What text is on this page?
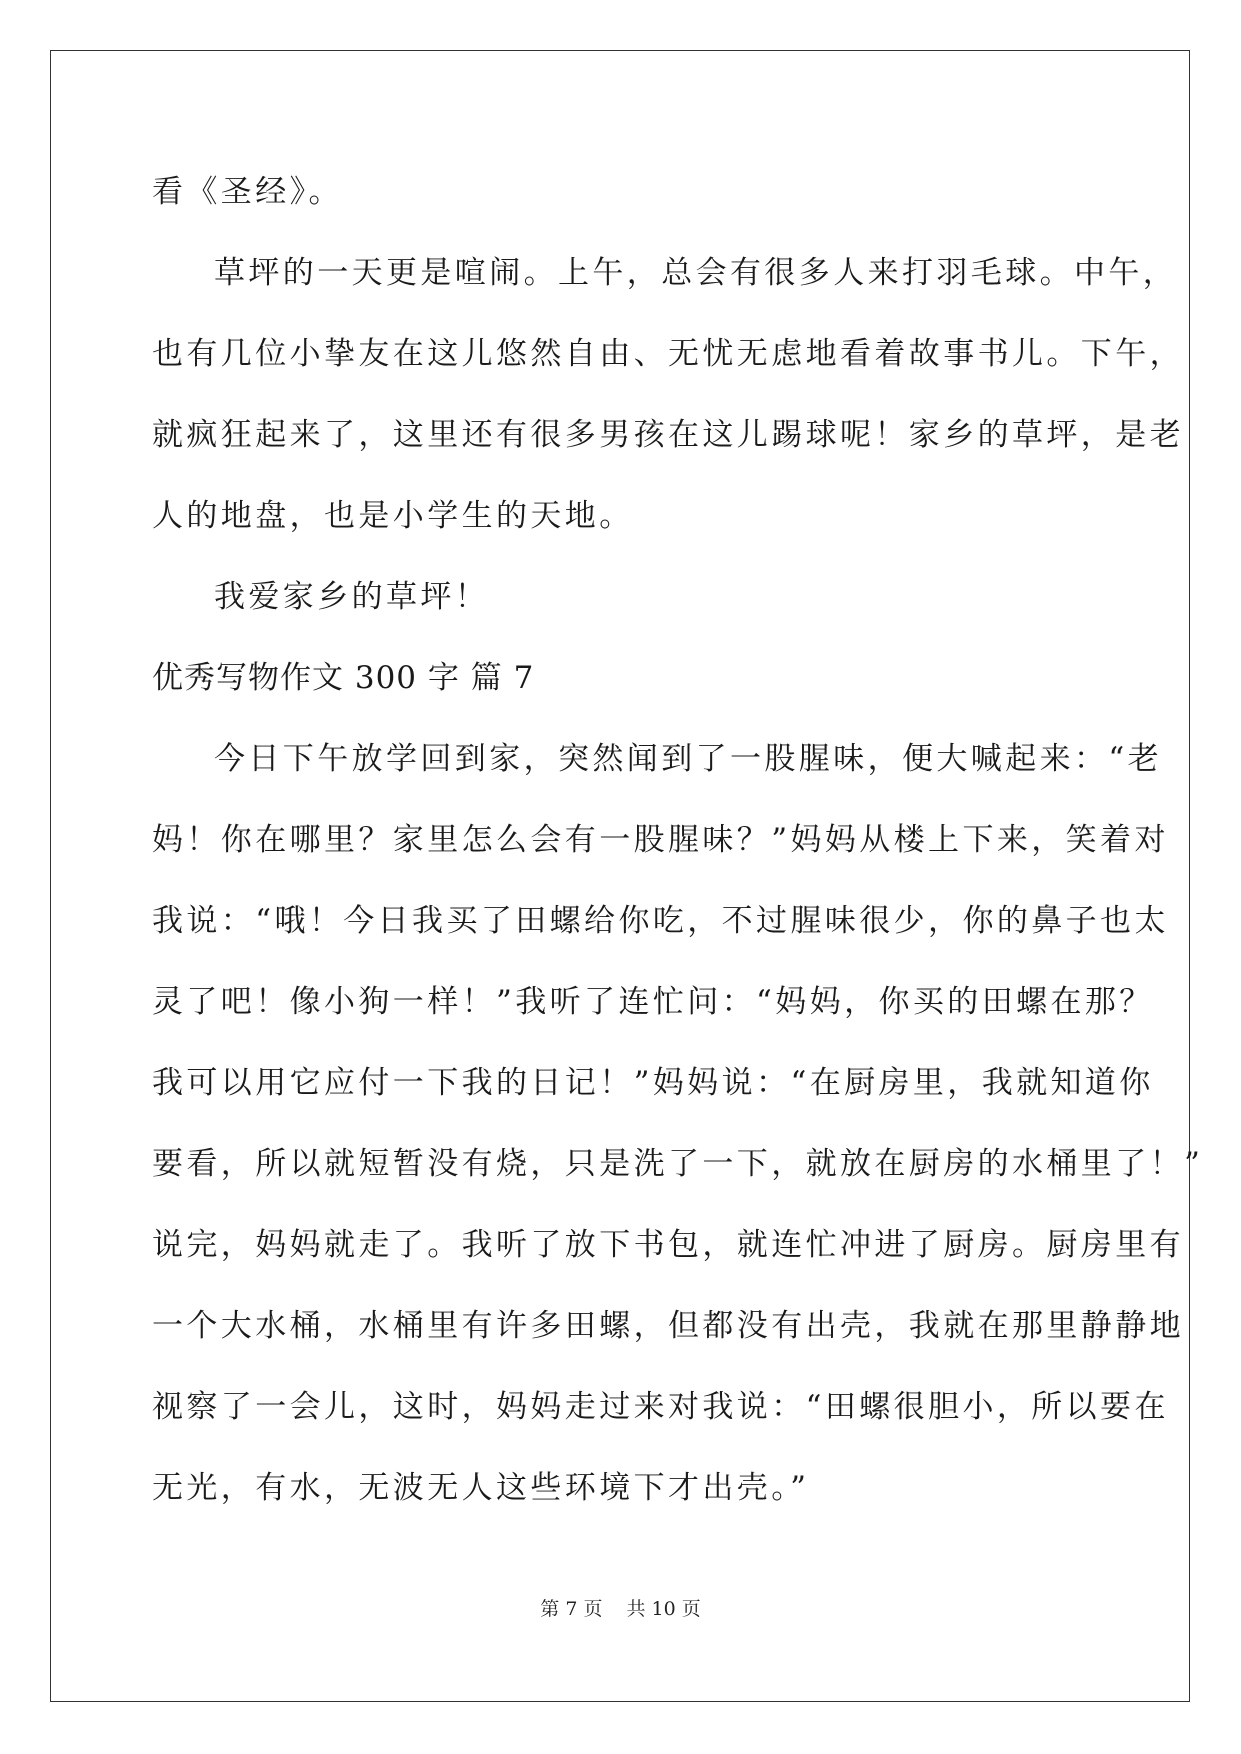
看《圣经》。
草坪的一天更是喧闹。上午，总会有很多人来打羽毛球。中午，
也有几位小挚友在这儿悠然自由、无忧无虑地看着故事书儿。下午，
就疯狂起来了，这里还有很多男孩在这儿踢球呢！家乡的草坪，是老
人的地盘，也是小学生的天地。
我爱家乡的草坪！
优秀写物作文 300 字 篇 7
今日下午放学回到家，突然闻到了一股腥味，便大喊起来：“老
妈！你在哪里？家里怎么会有一股腥味？”妈妈从楼上下来，笑着对
我说：“哦！今日我买了田螺给你吃，不过腥味很少，你的鼻子也太
灵了吧！像小狗一样！”我听了连忙问：“妈妈，你买的田螺在那？
我可以用它应付一下我的日记！”妈妈说：“在厨房里，我就知道你
要看，所以就短暂没有烧，只是洗了一下，就放在厨房的水桶里了！”
说完，妈妈就走了。我听了放下书包，就连忙冲进了厨房。厨房里有
一个大水桶，水桶里有许多田螺，但都没有出壳，我就在那里静静地
视察了一会儿，这时，妈妈走过来对我说：“田螺很胆小，所以要在
无光，有水，无波无人这些环境下才出壳。”
第 7 页 共 10 页
